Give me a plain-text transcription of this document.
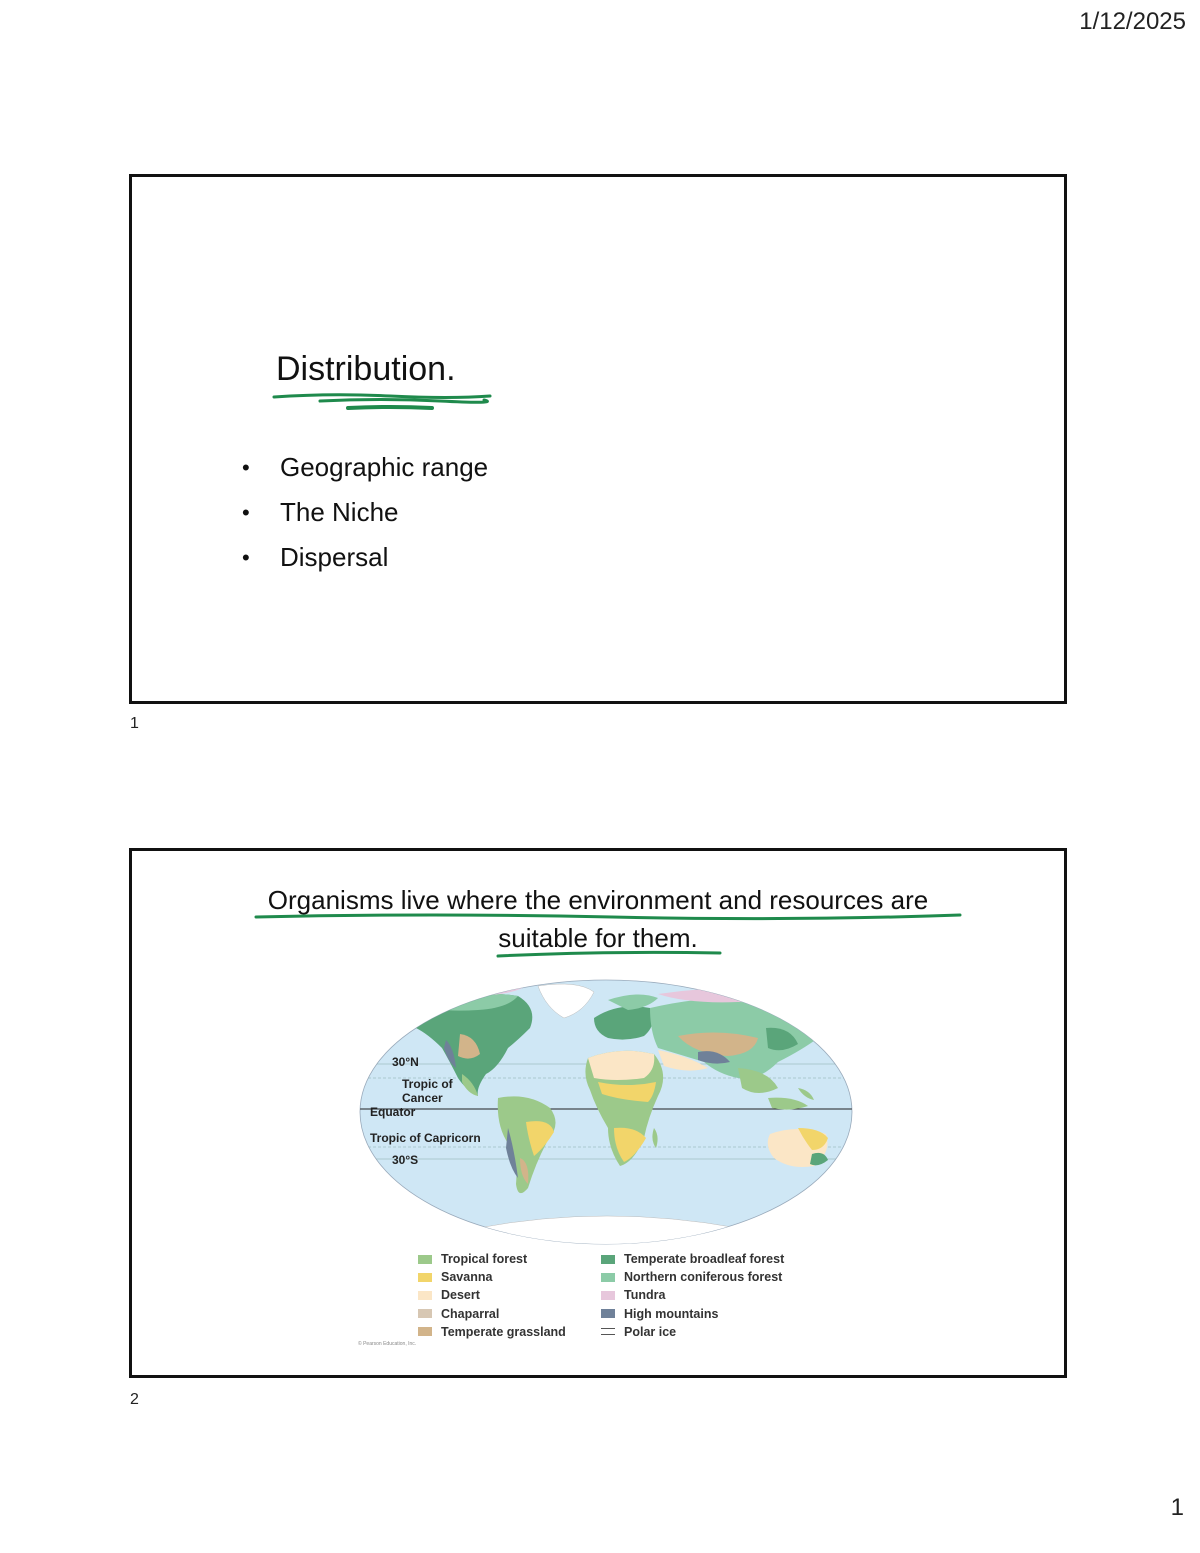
1/12/2025
Distribution.
•	Geographic range
•	The Niche
•	Dispersal
1
Organisms live where the environment and resources are
suitable for them.
30°N
Tropic of
Cancer
Equator
Tropic of Capricorn
30°S
Tropical forest
Savanna
Desert
Chaparral
Temperate grassland
Temperate broadleaf forest
Northern coniferous forest
Tundra
High mountains
Polar ice
© Pearson Education, Inc.
2
1
